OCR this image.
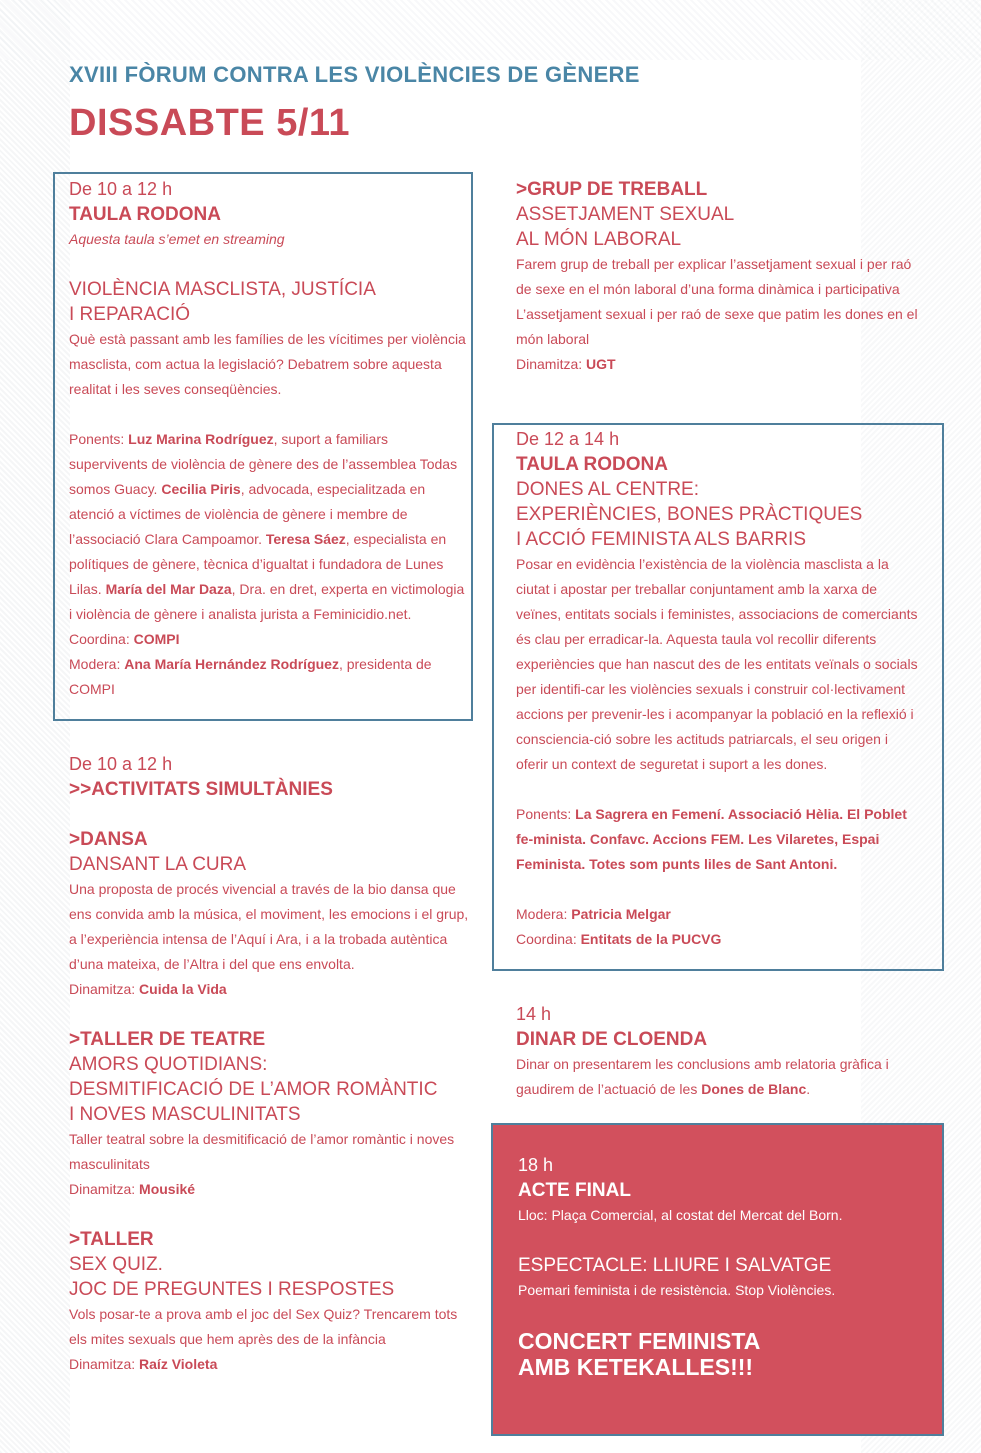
XVIII FÒRUM CONTRA LES VIOLÈNCIES DE GÈNERE
DISSABTE 5/11
De 10 a 12 h
TAULA RODONA
Aquesta taula s’emet en streaming
VIOLÈNCIA MASCLISTA, JUSTÍCIA
I REPARACIÓ
Què està passant amb les famílies de les vícitimes per violència masclista, com actua la legislació? Debatrem sobre aquesta realitat i les seves conseqüències.
Ponents: Luz Marina Rodríguez, suport a familiars supervivents de violència de gènere des de l’assemblea Todas somos Guacy. Cecilia Piris, advocada, especialitzada en atenció a víctimes de violència de gènere i membre de l’associació Clara Campoamor. Teresa Sáez, especialista en polítiques de gènere, tècnica d’igualtat i fundadora de Lunes Lilas. María del Mar Daza, Dra. en dret, experta en victimologia i violència de gènere i analista jurista a Feminicidio.net.
Coordina: COMPI
Modera: Ana María Hernández Rodríguez, presidenta de COMPI
De 10 a 12 h
>>ACTIVITATS SIMULTÀNIES
>DANSA
DANSANT LA CURA
Una proposta de procés vivencial a través de la bio dansa que ens convida amb la música, el moviment, les emocions i el grup, a l’experiència intensa de l’Aquí i Ara, i a la trobada autèntica d’una mateixa, de l’Altra i del que ens envolta.
Dinamitza: Cuida la Vida
>TALLER DE TEATRE
AMORS QUOTIDIANS:
DESMITIFICACIÓ DE L’AMOR ROMÀNTIC
I NOVES MASCULINITATS
Taller teatral sobre la desmitificació de l’amor romàntic i noves masculinitats
Dinamitza: Mousiké
>TALLER
SEX QUIZ.
JOC DE PREGUNTES I RESPOSTES
Vols posar-te a prova amb el joc del Sex Quiz? Trencarem tots els mites sexuals que hem après des de la infància
Dinamitza: Raíz Violeta
>GRUP DE TREBALL
ASSETJAMENT SEXUAL
AL MÓN LABORAL
Farem grup de treball per explicar l’assetjament sexual i per raó de sexe en el món laboral d’una forma dinàmica i participativa L’assetjament sexual i per raó de sexe que patim les dones en el món laboral
Dinamitza: UGT
De 12 a 14 h
TAULA RODONA
DONES AL CENTRE:
EXPERIÈNCIES, BONES PRÀCTIQUES
I ACCIÓ FEMINISTA ALS BARRIS
Posar en evidència l’existència de la violència masclista a la ciutat i apostar per treballar conjuntament amb la xarxa de veïnes, entitats socials i feministes, associacions de comerciants és clau per erradicar-la. Aquesta taula vol recollir diferents experiències que han nascut des de les entitats veïnals o socials per identifi-car les violències sexuals i construir col·lectivament accions per prevenir-les i acompanyar la població en la reflexió i consciencia-ció sobre les actituds patriarcals, el seu origen i oferir un context de seguretat i suport a les dones.
Ponents: La Sagrera en Femení. Associació Hèlia. El Poblet fe-minista. Confavc. Accions FEM. Les Vilaretes, Espai Feminista. Totes som punts liles de Sant Antoni.
Modera: Patricia Melgar
Coordina: Entitats de la PUCVG
14 h
DINAR DE CLOENDA
Dinar on presentarem les conclusions amb relatoria gràfica i gaudirem de l’actuació de les Dones de Blanc.
18 h
ACTE FINAL
Lloc: Plaça Comercial, al costat del Mercat del Born.
ESPECTACLE: LLIURE I SALVATGE
Poemari feminista i de resistència. Stop Violències.
CONCERT FEMINISTA
AMB KETEKALLES!!!
